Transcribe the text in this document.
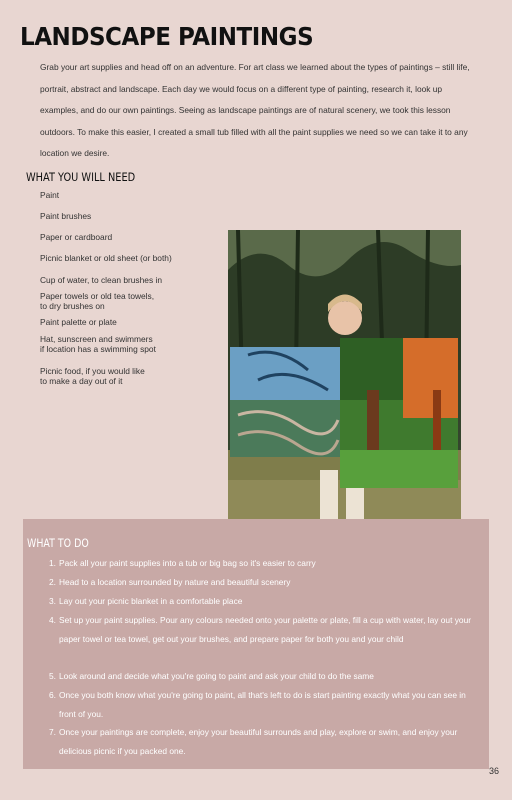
LANDSCAPE PAINTINGS
Grab your art supplies and head off on an adventure. For art class we learned about the types of paintings – still life, portrait, abstract and landscape. Each day we would focus on a different type of painting, research it, look up examples, and do our own paintings. Seeing as landscape paintings are of natural scenery, we took this lesson outdoors. To make this easier, I created a small tub filled with all the paint supplies we need so we can take it to any location we desire.
WHAT YOU WILL NEED
Paint
Paint brushes
Paper or cardboard
Picnic blanket or old sheet (or both)
Cup of water, to clean brushes in
Paper towels or old tea towels,
to dry brushes on
Paint palette or plate
Hat, sunscreen and swimmers
if location has a swimming spot
Picnic food, if you would like
to make a day out of it
WHAT TO DO
1. Pack all your paint supplies into a tub or big bag so it's easier to carry
2. Head to a location surrounded by nature and beautiful scenery
3. Lay out your picnic blanket in a comfortable place
4. Set up your paint supplies. Pour any colours needed onto your palette or plate, fill a cup with water, lay out your paper towel or tea towel, get out your brushes, and prepare paper for both you and your child
5. Look around and decide what you're going to paint and ask your child to do the same
6. Once you both know what you're going to paint, all that's left to do is start painting exactly what you can see in front of you.
7. Once your paintings are complete, enjoy your beautiful surrounds and play, explore or swim, and enjoy your delicious picnic if you packed one.
36
